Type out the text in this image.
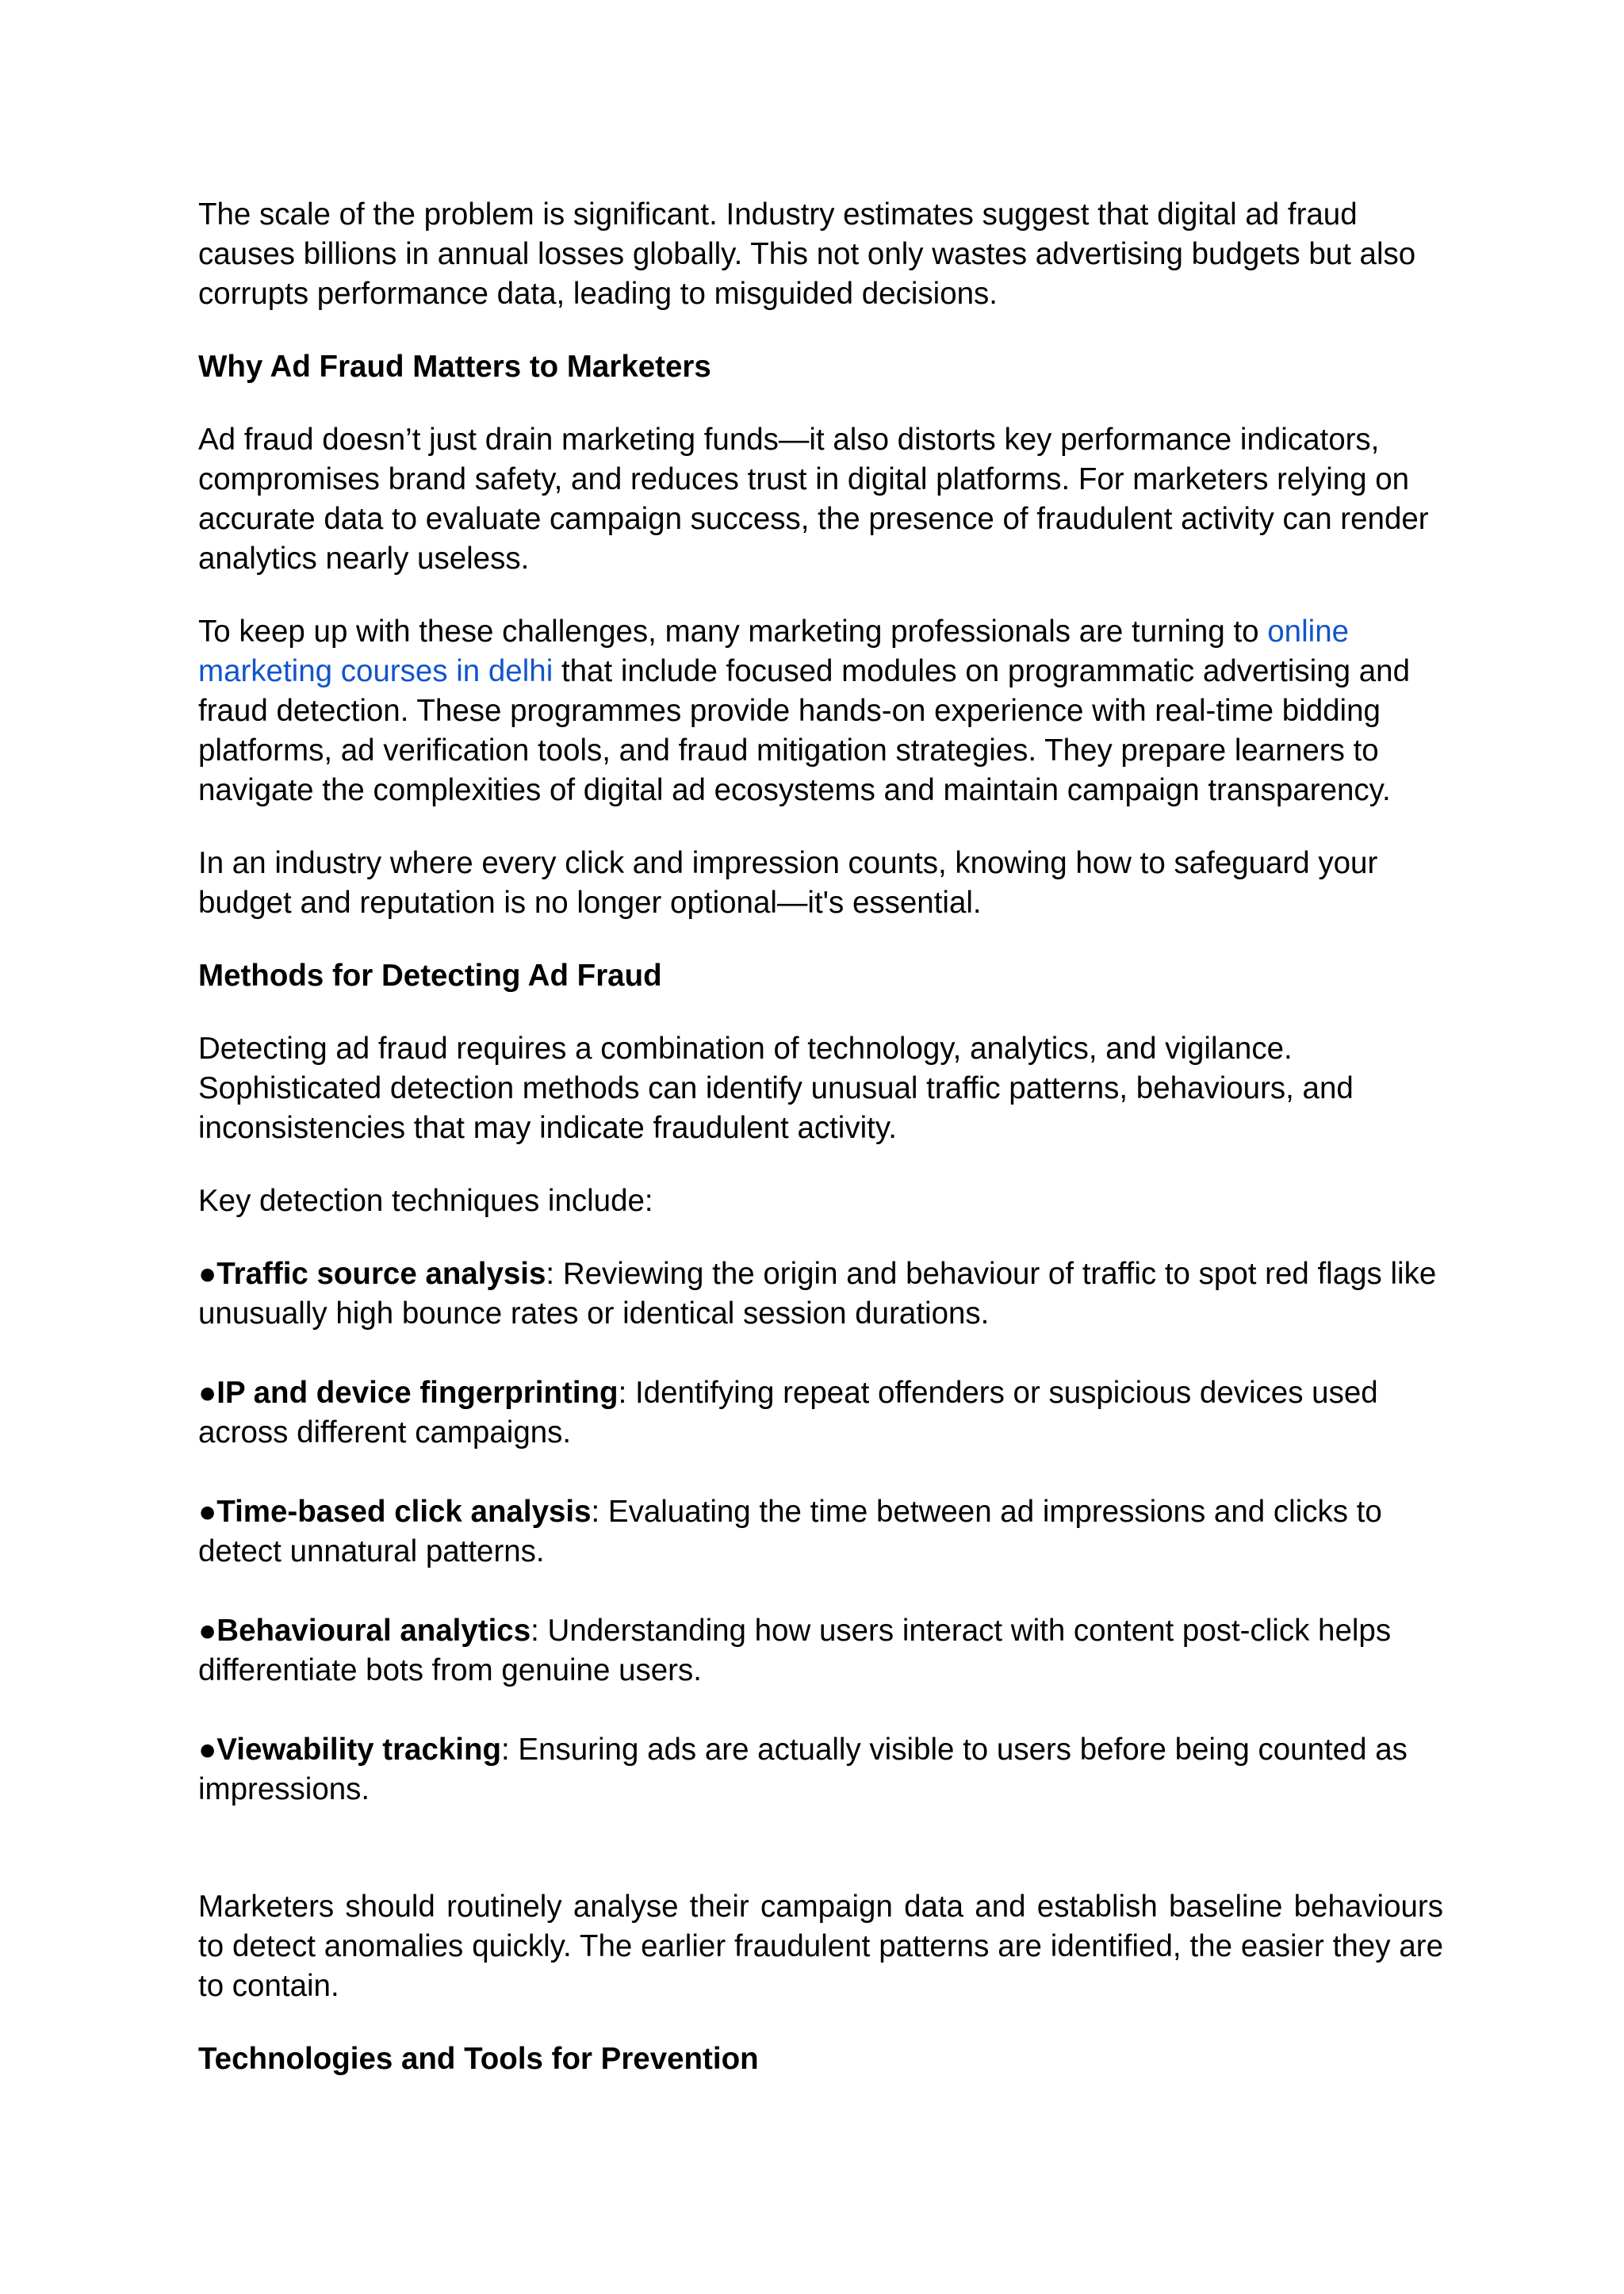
The scale of the problem is significant. Industry estimates suggest that digital ad fraud causes billions in annual losses globally. This not only wastes advertising budgets but also corrupts performance data, leading to misguided decisions.

Why Ad Fraud Matters to Marketers

Ad fraud doesn’t just drain marketing funds—it also distorts key performance indicators, compromises brand safety, and reduces trust in digital platforms. For marketers relying on accurate data to evaluate campaign success, the presence of fraudulent activity can render analytics nearly useless.

To keep up with these challenges, many marketing professionals are turning to online marketing courses in delhi that include focused modules on programmatic advertising and fraud detection. These programmes provide hands-on experience with real-time bidding platforms, ad verification tools, and fraud mitigation strategies. They prepare learners to navigate the complexities of digital ad ecosystems and maintain campaign transparency.

In an industry where every click and impression counts, knowing how to safeguard your budget and reputation is no longer optional—it's essential.

Methods for Detecting Ad Fraud

Detecting ad fraud requires a combination of technology, analytics, and vigilance. Sophisticated detection methods can identify unusual traffic patterns, behaviours, and inconsistencies that may indicate fraudulent activity.

Key detection techniques include:

●Traffic source analysis: Reviewing the origin and behaviour of traffic to spot red flags like unusually high bounce rates or identical session durations.

●IP and device fingerprinting: Identifying repeat offenders or suspicious devices used across different campaigns.

●Time-based click analysis: Evaluating the time between ad impressions and clicks to detect unnatural patterns.

●Behavioural analytics: Understanding how users interact with content post-click helps differentiate bots from genuine users.

●Viewability tracking: Ensuring ads are actually visible to users before being counted as impressions.

Marketers should routinely analyse their campaign data and establish baseline behaviours to detect anomalies quickly. The earlier fraudulent patterns are identified, the easier they are to contain.

Technologies and Tools for Prevention
